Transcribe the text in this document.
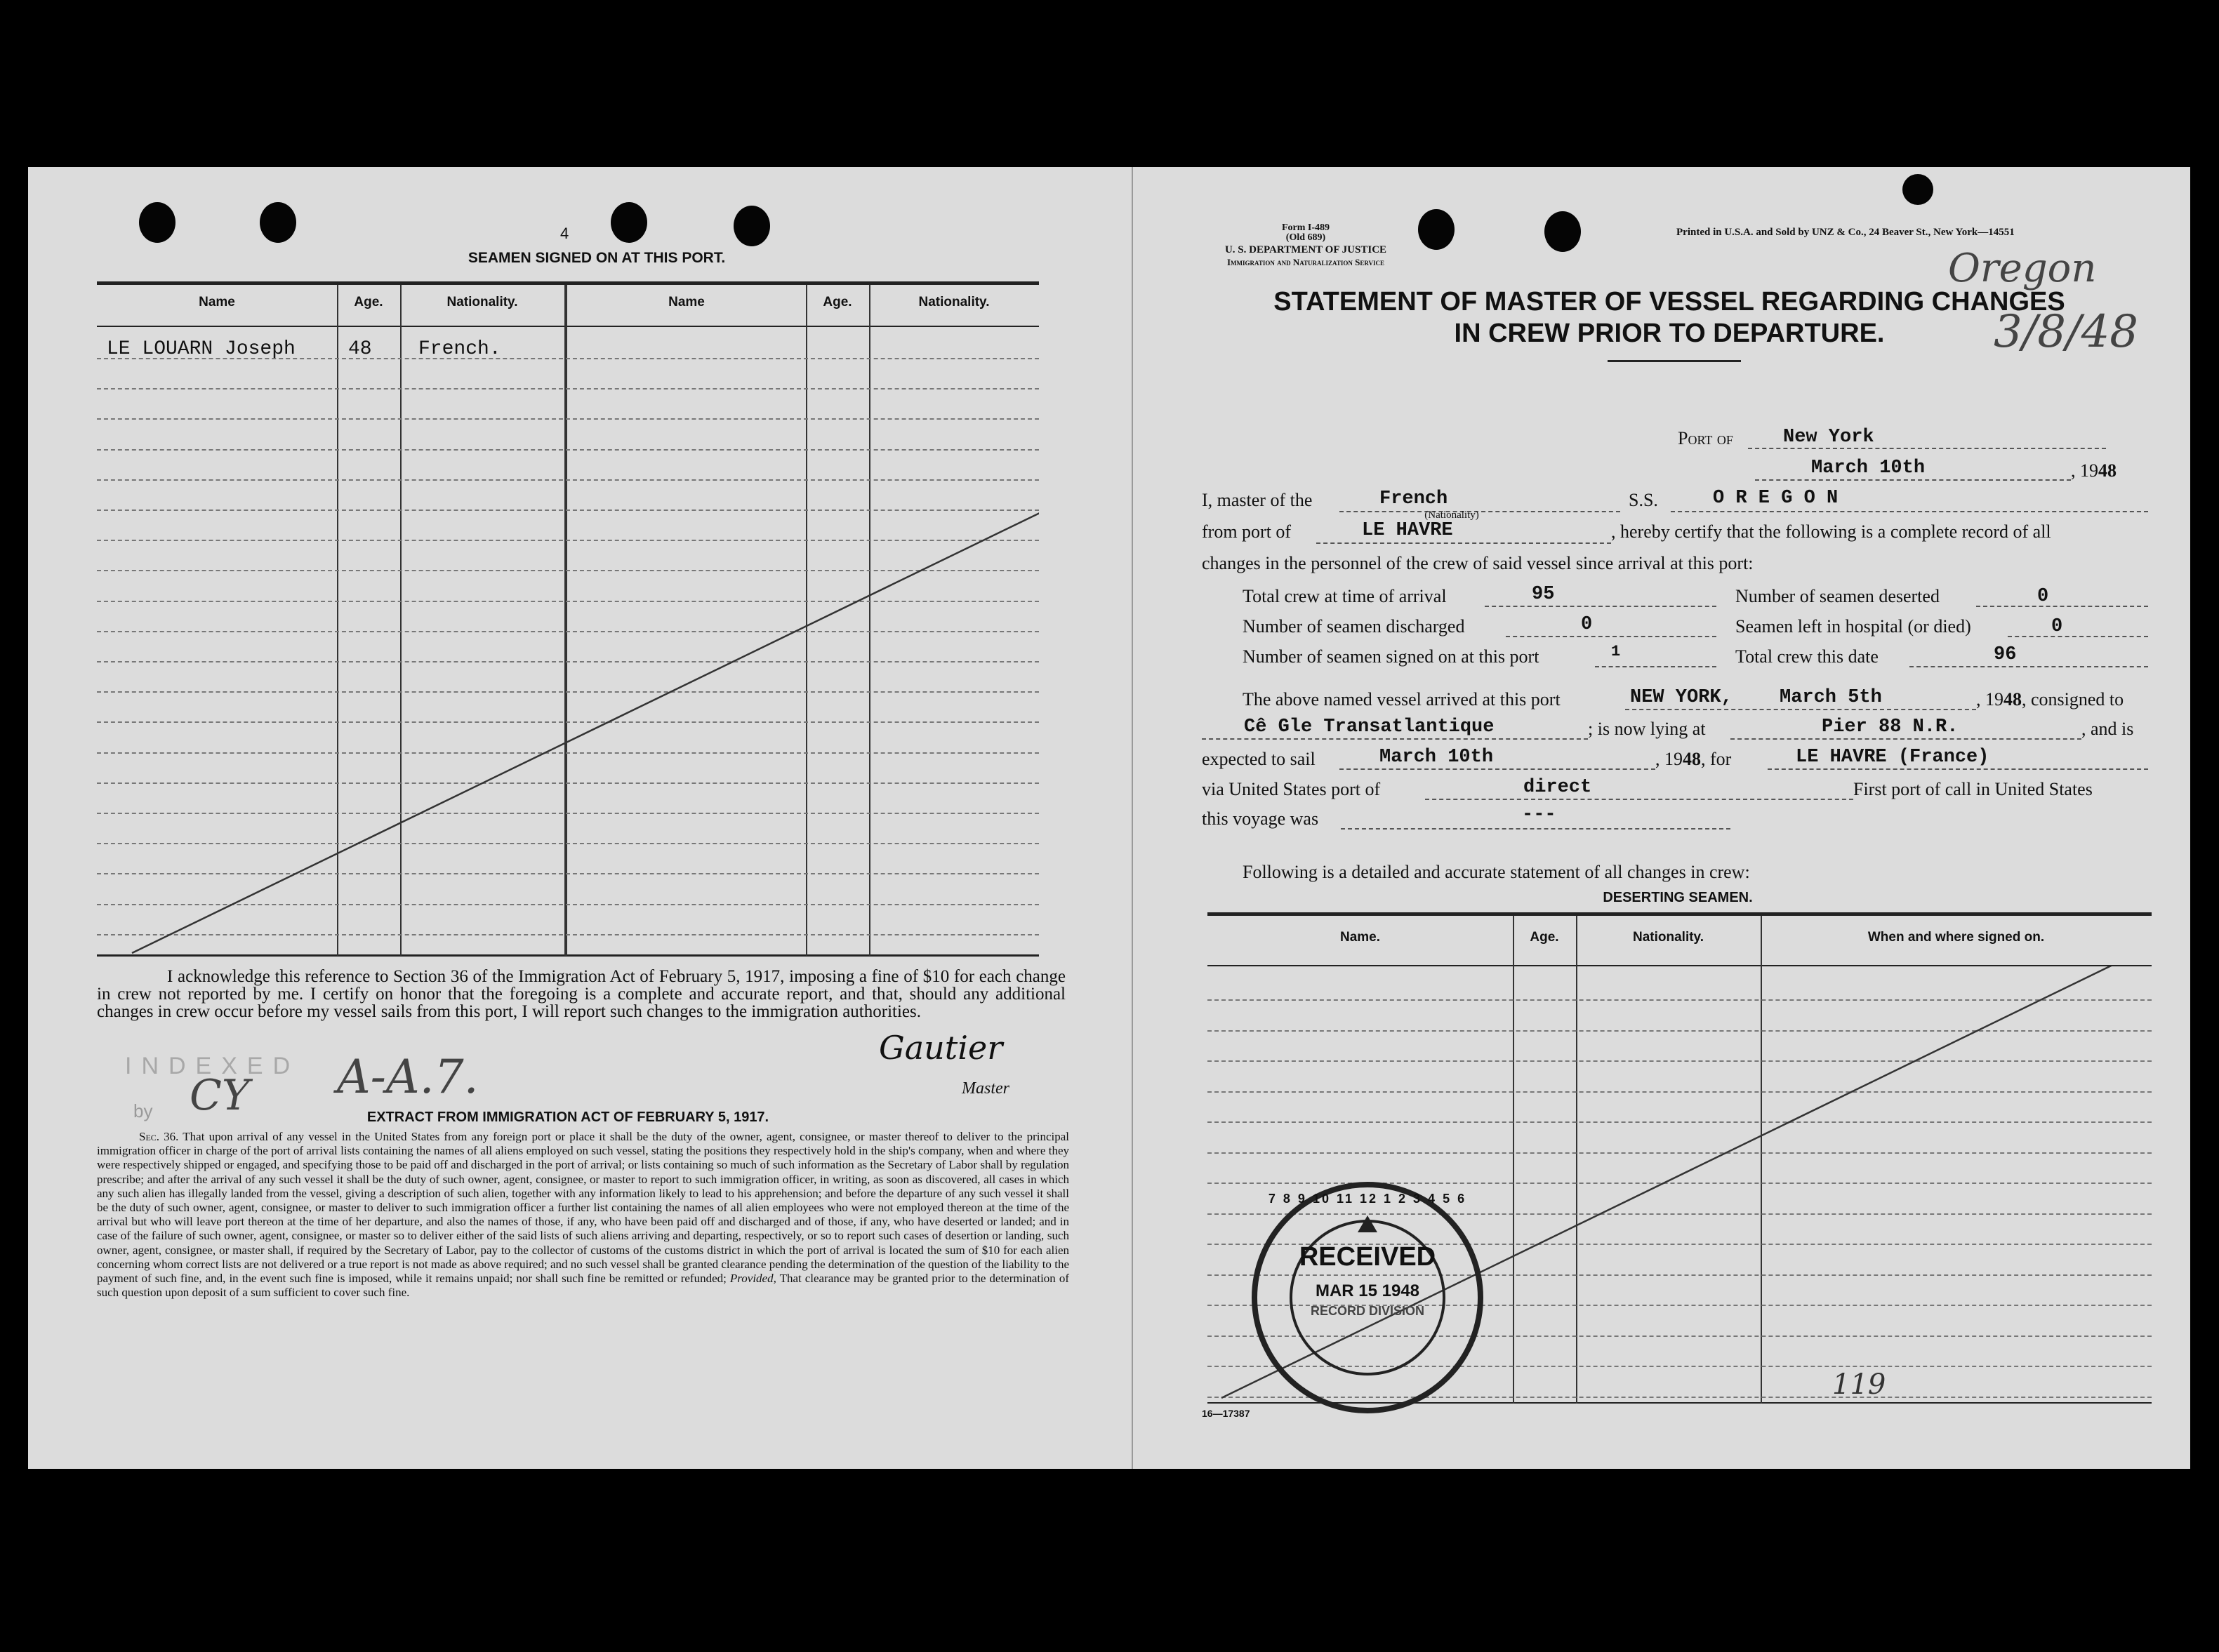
4
SEAMEN SIGNED ON AT THIS PORT.
Name	Age.	Nationality.	Name	Age.	Nationality.
LE LOUARN Joseph	48 French.
I acknowledge this reference to Section 36 of the Immigration Act of February 5, 1917, imposing a fine of $10 for each change in crew not reported by me. I certify on honor that the foregoing is a complete and accurate report, and that, should any additional changes in crew occur before my vessel sails from this port, I will report such changes to the immigration authorities.
INDEXED
by CY A-A.7.
Gautier
Master
EXTRACT FROM IMMIGRATION ACT OF FEBRUARY 5, 1917.
Sec. 36. That upon arrival of any vessel in the United States from any foreign port or place it shall be the duty of the owner, agent, consignee, or master thereof to deliver to the principal immigration officer in charge of the port of arrival lists containing the names of all aliens employed on such vessel, stating the positions they respectively hold in the ship's company, when and where they were respectively shipped or engaged, and specifying those to be paid off and discharged in the port of arrival; or lists containing so much of such information as the Secretary of Labor shall by regulation prescribe; and after the arrival of any such vessel it shall be the duty of such owner, agent, consignee, or master to report to such immigration officer, in writing, as soon as discovered, all cases in which any such alien has illegally landed from the vessel, giving a description of such alien, together with any information likely to lead to his apprehension; and before the departure of any such vessel it shall be the duty of such owner, agent, consignee, or master to deliver to such immigration officer a further list containing the names of all alien employees who were not employed thereon at the time of the arrival but who will leave port thereon at the time of her departure, and also the names of those, if any, who have been paid off and discharged and of those, if any, who have deserted or landed; and in case of the failure of such owner, agent, consignee, or master so to deliver either of the said lists of such aliens arriving and departing, respectively, or so to report such cases of desertion or landing, such owner, agent, consignee, or master shall, if required by the Secretary of Labor, pay to the collector of customs of the customs district in which the port of arrival is located the sum of $10 for each alien concerning whom correct lists are not delivered or a true report is not made as above required; and no such vessel shall be granted clearance pending the determination of the question of the liability to the payment of such fine, and, in the event such fine is imposed, while it remains unpaid; nor shall such fine be remitted or refunded; Provided, That clearance may be granted prior to the determination of such question upon deposit of a sum sufficient to cover such fine.
Form I-489
(Old 689)
U. S. DEPARTMENT OF JUSTICE
Immigration and Naturalization Service
Printed in U.S.A. and Sold by UNZ & Co., 24 Beaver St., New York—14551
Oregon
3/8/48
STATEMENT OF MASTER OF VESSEL REGARDING CHANGES
IN CREW PRIOR TO DEPARTURE.
Port of	New York
March 10th	, 1948
I, master of the	French
(Nationality)
S.S.	O R E G O N
from port of	LE HAVRE	, hereby certify that the following is a complete record of all
changes in the personnel of the crew of said vessel since arrival at this port:
Total crew at time of arrival	95	Number of seamen deserted	0
Number of seamen discharged	0	Seamen left in hospital (or died)	0
Number of seamen signed on at this port	1	Total crew this date	96
The above named vessel arrived at this port	NEW YORK, March 5th	, 1948, consigned to
Cê Gle Transatlantique	; is now lying at	Pier 88 N.R.	, and is
expected to sail	March 10th	, 1948, for	LE HAVRE (France)
via United States port of	direct	First port of call in United States
this voyage was	---
Following is a detailed and accurate statement of all changes in crew:
DESERTING SEAMEN.
Name.	Age.	Nationality.	When and where signed on.
119
7 8 9 10 11 12 1 2 3 4 5 6
RECEIVED
MAR 15 1948
RECORD DIVISION
16—17387
